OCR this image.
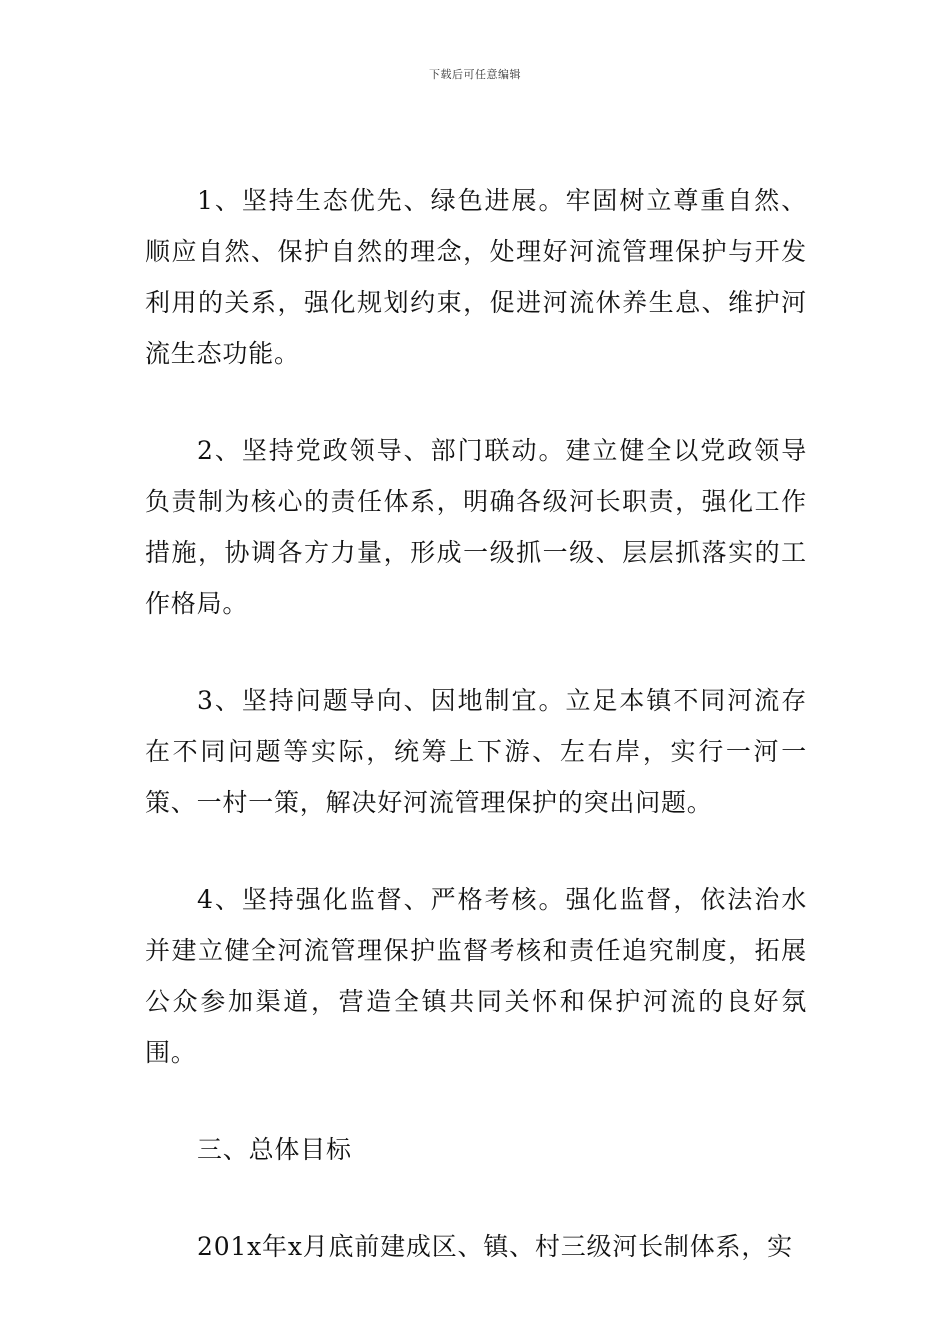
下载后可任意编辑

1、坚持生态优先、绿色进展。牢固树立尊重自然、顺应自然、保护自然的理念，处理好河流管理保护与开发利用的关系，强化规划约束，促进河流休养生息、维护河流生态功能。

2、坚持党政领导、部门联动。建立健全以党政领导负责制为核心的责任体系，明确各级河长职责，强化工作措施，协调各方力量，形成一级抓一级、层层抓落实的工作格局。

3、坚持问题导向、因地制宜。立足本镇不同河流存在不同问题等实际，统筹上下游、左右岸，实行一河一策、一村一策，解决好河流管理保护的突出问题。

4、坚持强化监督、严格考核。强化监督，依法治水并建立健全河流管理保护监督考核和责任追究制度，拓展公众参加渠道，营造全镇共同关怀和保护河流的良好氛围。

三、总体目标

201x年x月底前建成区、镇、村三级河长制体系，实
